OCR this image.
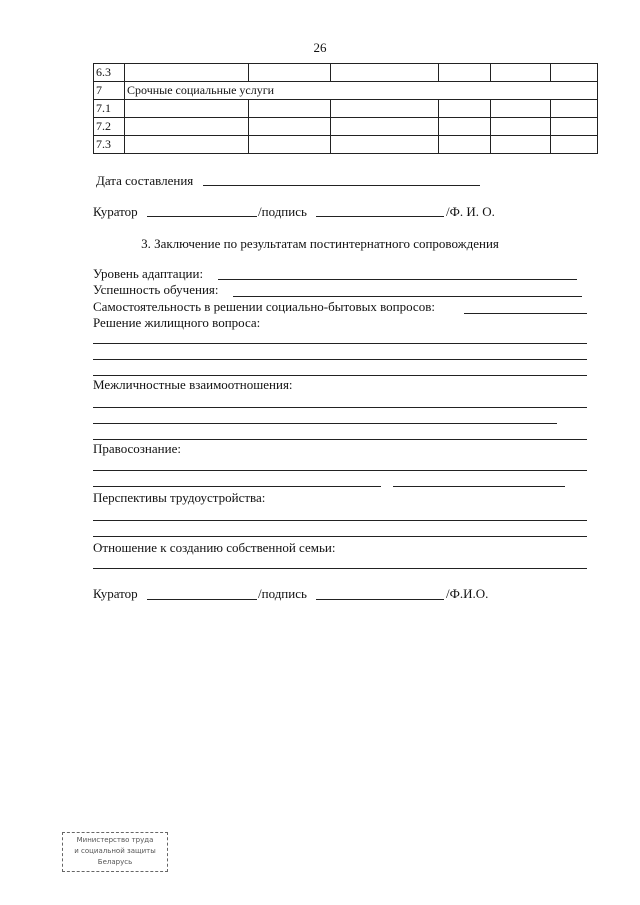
26
6.3						
7	Срочные социальные услуги					
7.1						
7.2						
7.3						
Дата составления
Куратор	/подпись	/Ф. И. О.
3. Заключение по результатам постинтернатного сопровождения
Уровень адаптации:
Успешность обучения:
Самостоятельность в решении социально-бытовых вопросов:
Решение жилищного вопроса:
Межличностные взаимоотношения:
Правосознание:
Перспективы трудоустройства:
Отношение к созданию собственной семьи:
Куратор	/подпись	/Ф.И.О.
Министерство труда
и социальной защиты
Беларусь
